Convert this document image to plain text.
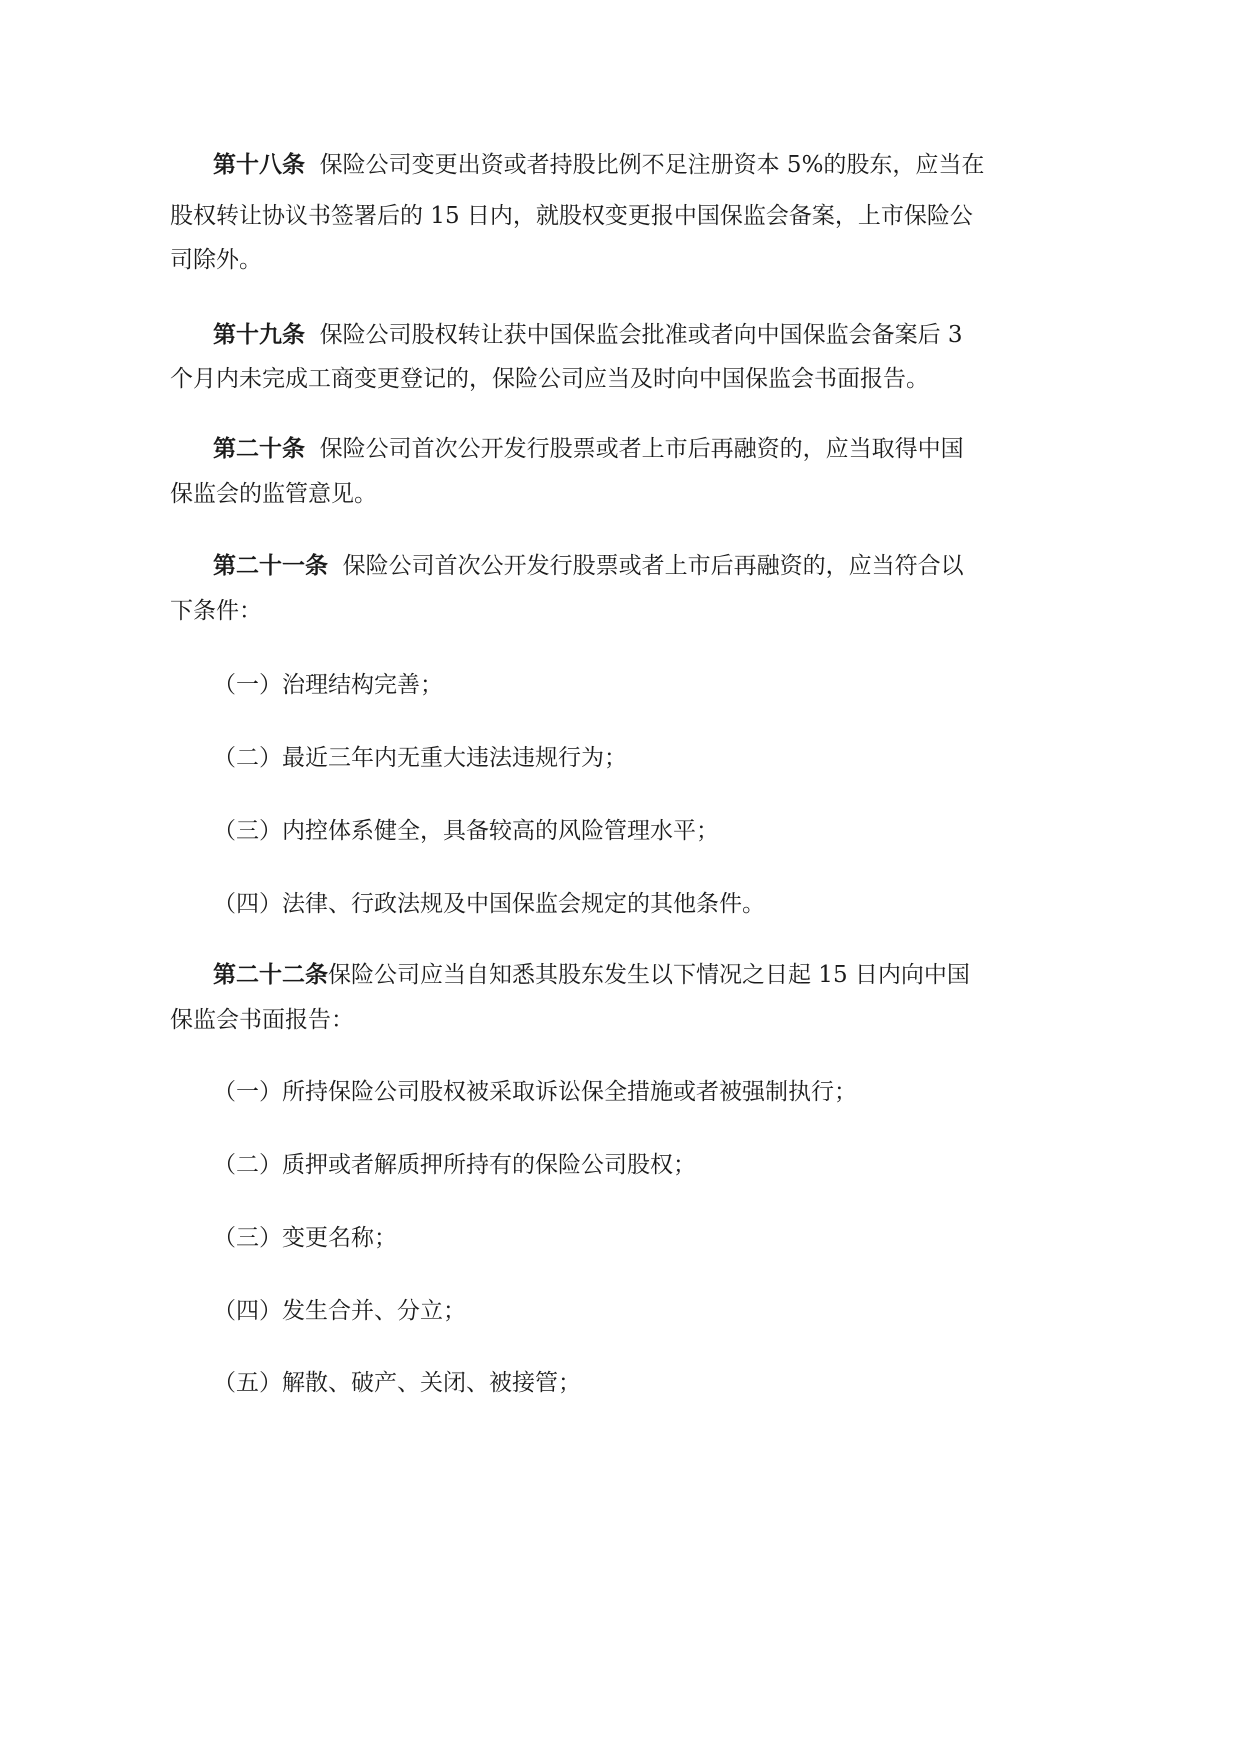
第十八条 保险公司变更出资或者持股比例不足注册资本 5%的股东，应当在
股权转让协议书签署后的 15 日内，就股权变更报中国保监会备案，上市保险公
司除外。
第十九条 保险公司股权转让获中国保监会批准或者向中国保监会备案后 3
个月内未完成工商变更登记的，保险公司应当及时向中国保监会书面报告。
第二十条 保险公司首次公开发行股票或者上市后再融资的，应当取得中国
保监会的监管意见。
第二十一条 保险公司首次公开发行股票或者上市后再融资的，应当符合以
下条件：
（一）治理结构完善；
（二）最近三年内无重大违法违规行为；
（三）内控体系健全，具备较高的风险管理水平；
（四）法律、行政法规及中国保监会规定的其他条件。
第二十二条保险公司应当自知悉其股东发生以下情况之日起 15 日内向中国
保监会书面报告：
（一）所持保险公司股权被采取诉讼保全措施或者被强制执行；
（二）质押或者解质押所持有的保险公司股权；
（三）变更名称；
（四）发生合并、分立；
（五）解散、破产、关闭、被接管；
